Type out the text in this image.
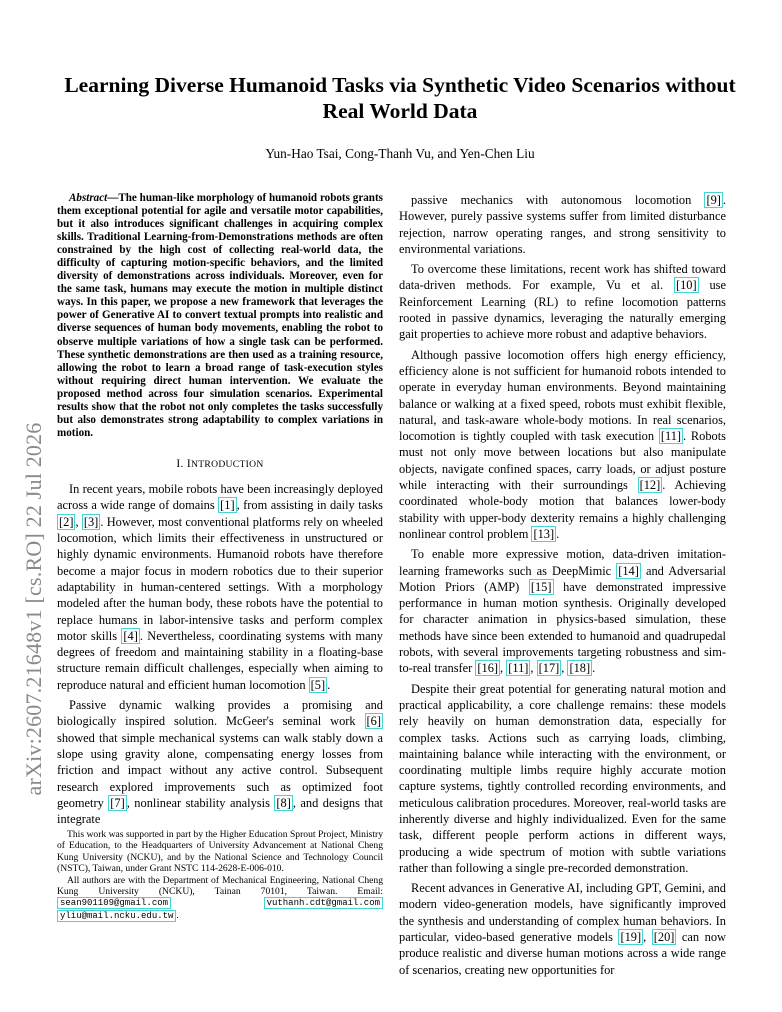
arXiv:2607.21648v1 [cs.RO] 22 Jul 2026
Learning Diverse Humanoid Tasks via Synthetic Video Scenarios without Real World Data
Yun-Hao Tsai, Cong-Thanh Vu, and Yen-Chen Liu

Abstract—The human-like morphology of humanoid robots grants them exceptional potential for agile and versatile motor capabilities, but it also introduces significant challenges in acquiring complex skills. Traditional Learning-from-Demonstrations methods are often constrained by the high cost of collecting real-world data, the difficulty of capturing motion-specific behaviors, and the limited diversity of demonstrations across individuals. Moreover, even for the same task, humans may execute the motion in multiple distinct ways. In this paper, we propose a new framework that leverages the power of Generative AI to convert textual prompts into realistic and diverse sequences of human body movements, enabling the robot to observe multiple variations of how a single task can be performed. These synthetic demonstrations are then used as a training resource, allowing the robot to learn a broad range of task-execution styles without requiring direct human intervention. We evaluate the proposed method across four simulation scenarios. Experimental results show that the robot not only completes the tasks successfully but also demonstrates strong adaptability to complex variations in motion.

I. INTRODUCTION

In recent years, mobile robots have been increasingly deployed across a wide range of domains [1] , from assisting in daily tasks [2] , [3] . However, most conventional platforms rely on wheeled locomotion, which limits their effectiveness in unstructured or highly dynamic environments. Humanoid robots have therefore become a major focus in modern robotics due to their superior adaptability in human-centered settings. With a morphology modeled after the human body, these robots have the potential to replace humans in labor-intensive tasks and perform complex motor skills [4] . Nevertheless, coordinating systems with many degrees of freedom and maintaining stability in a floating-base structure remain difficult challenges, especially when aiming to reproduce natural and efficient human locomotion [5] .

Passive dynamic walking provides a promising and biologically inspired solution. McGeer's seminal work [6] showed that simple mechanical systems can walk stably down a slope using gravity alone, compensating energy losses from friction and impact without any active control. Subsequent research explored improvements such as optimized foot geometry [7] , nonlinear stability analysis [8] , and designs that integrate

passive mechanics with autonomous locomotion [9] . However, purely passive systems suffer from limited disturbance rejection, narrow operating ranges, and strong sensitivity to environmental variations.

To overcome these limitations, recent work has shifted toward data-driven methods. For example, Vu et al. [10] use Reinforcement Learning (RL) to refine locomotion patterns rooted in passive dynamics, leveraging the naturally emerging gait properties to achieve more robust and adaptive behaviors.

Although passive locomotion offers high energy efficiency, efficiency alone is not sufficient for humanoid robots intended to operate in everyday human environments. Beyond maintaining balance or walking at a fixed speed, robots must exhibit flexible, natural, and task-aware whole-body motions. In real scenarios, locomotion is tightly coupled with task execution [11] . Robots must not only move between locations but also manipulate objects, navigate confined spaces, carry loads, or adjust posture while interacting with their surroundings [12] . Achieving coordinated whole-body motion that balances lower-body stability with upper-body dexterity remains a highly challenging nonlinear control problem [13] .

To enable more expressive motion, data-driven imitation-learning frameworks such as DeepMimic [14] and Adversarial Motion Priors (AMP) [15] have demonstrated impressive performance in human motion synthesis. Originally developed for character animation in physics-based simulation, these methods have since been extended to humanoid and quadrupedal robots, with several improvements targeting robustness and sim-to-real transfer [16] , [11] , [17] , [18] .

Despite their great potential for generating natural motion and practical applicability, a core challenge remains: these models rely heavily on human demonstration data, especially for complex tasks. Actions such as carrying loads, climbing, maintaining balance while interacting with the environment, or coordinating multiple limbs require highly accurate motion capture systems, tightly controlled recording environments, and meticulous calibration procedures. Moreover, real-world tasks are inherently diverse and highly individualized. Even for the same task, different people perform actions in different ways, producing a wide spectrum of motion with subtle variations rather than following a single pre-recorded demonstration.

Recent advances in Generative AI, including GPT, Gemini, and modern video-generation models, have significantly improved the synthesis and understanding of complex human behaviors. In particular, video-based generative models [19] , [20] can now produce realistic and diverse human motions across a wide range of scenarios, creating new opportunities for

This work was supported in part by the Higher Education Sprout Project, Ministry of Education, to the Headquarters of University Advancement at National Cheng Kung University (NCKU), and by the National Science and Technology Council (NSTC), Taiwan, under Grant NSTC 114-2628-E-006-010.

All authors are with the Department of Mechanical Engineering, National Cheng Kung University (NCKU), Tainan 70101, Taiwan. Email: sean901109@gmail.com	vuthanh.cdt@gmail.com yliu@mail.ncku.edu.tw .
